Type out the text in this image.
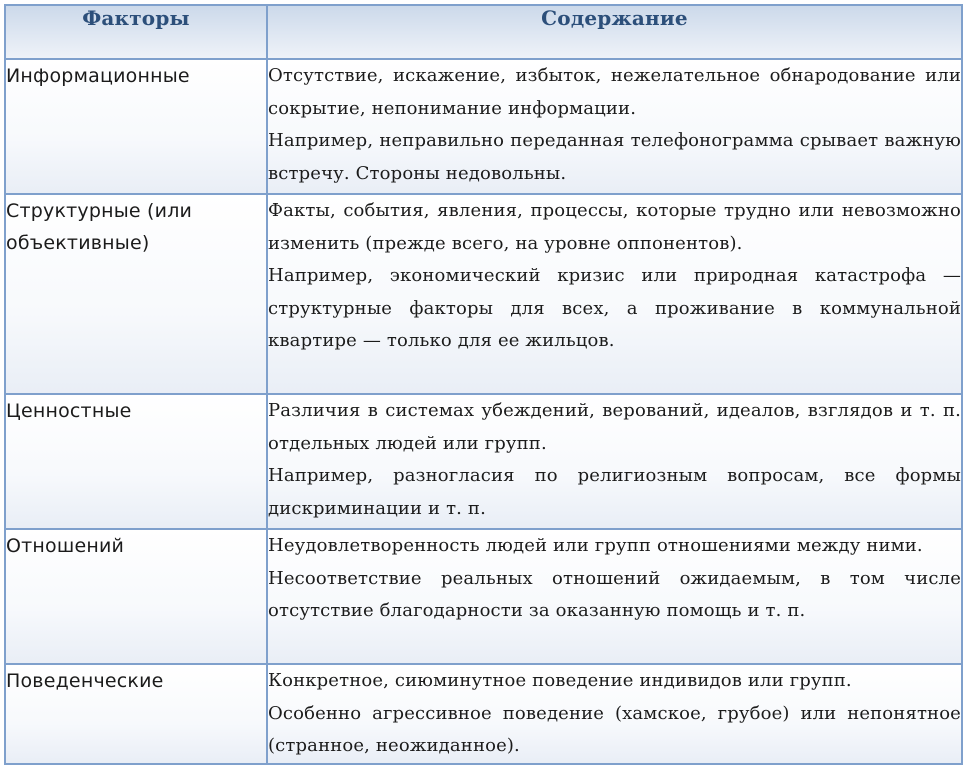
Факторы	Содержание
Информационные	Отсутствие, искажение, избыток, нежелательное обнародование или сокрытие, непонимание информации.

Например, неправильно переданная телефонограмма срывает важную встречу. Стороны недовольны.

Структурные (или объективные)	Факты, события, явления, процессы, которые трудно или невозможно изменить (прежде всего, на уровне оппонентов).

Например, экономический кризис или природная катастрофа — структурные факторы для всех, а проживание в коммунальной квартире — только для ее жильцов.

Ценностные	Различия в системах убеждений, верований, идеалов, взглядов и т. п. отдельных людей или групп.

Например, разногласия по религиозным вопросам, все формы дискриминации и т. п.

Отношений	Неудовлетворенность людей или групп отношениями между ними.

Несоответствие реальных отношений ожидаемым, в том числе отсутствие благодарности за оказанную помощь и т. п.

Поведенческие	Конкретное, сиюминутное поведение индивидов или групп.

Особенно агрессивное поведение (хамское, грубое) или непонятное (странное, неожиданное).
